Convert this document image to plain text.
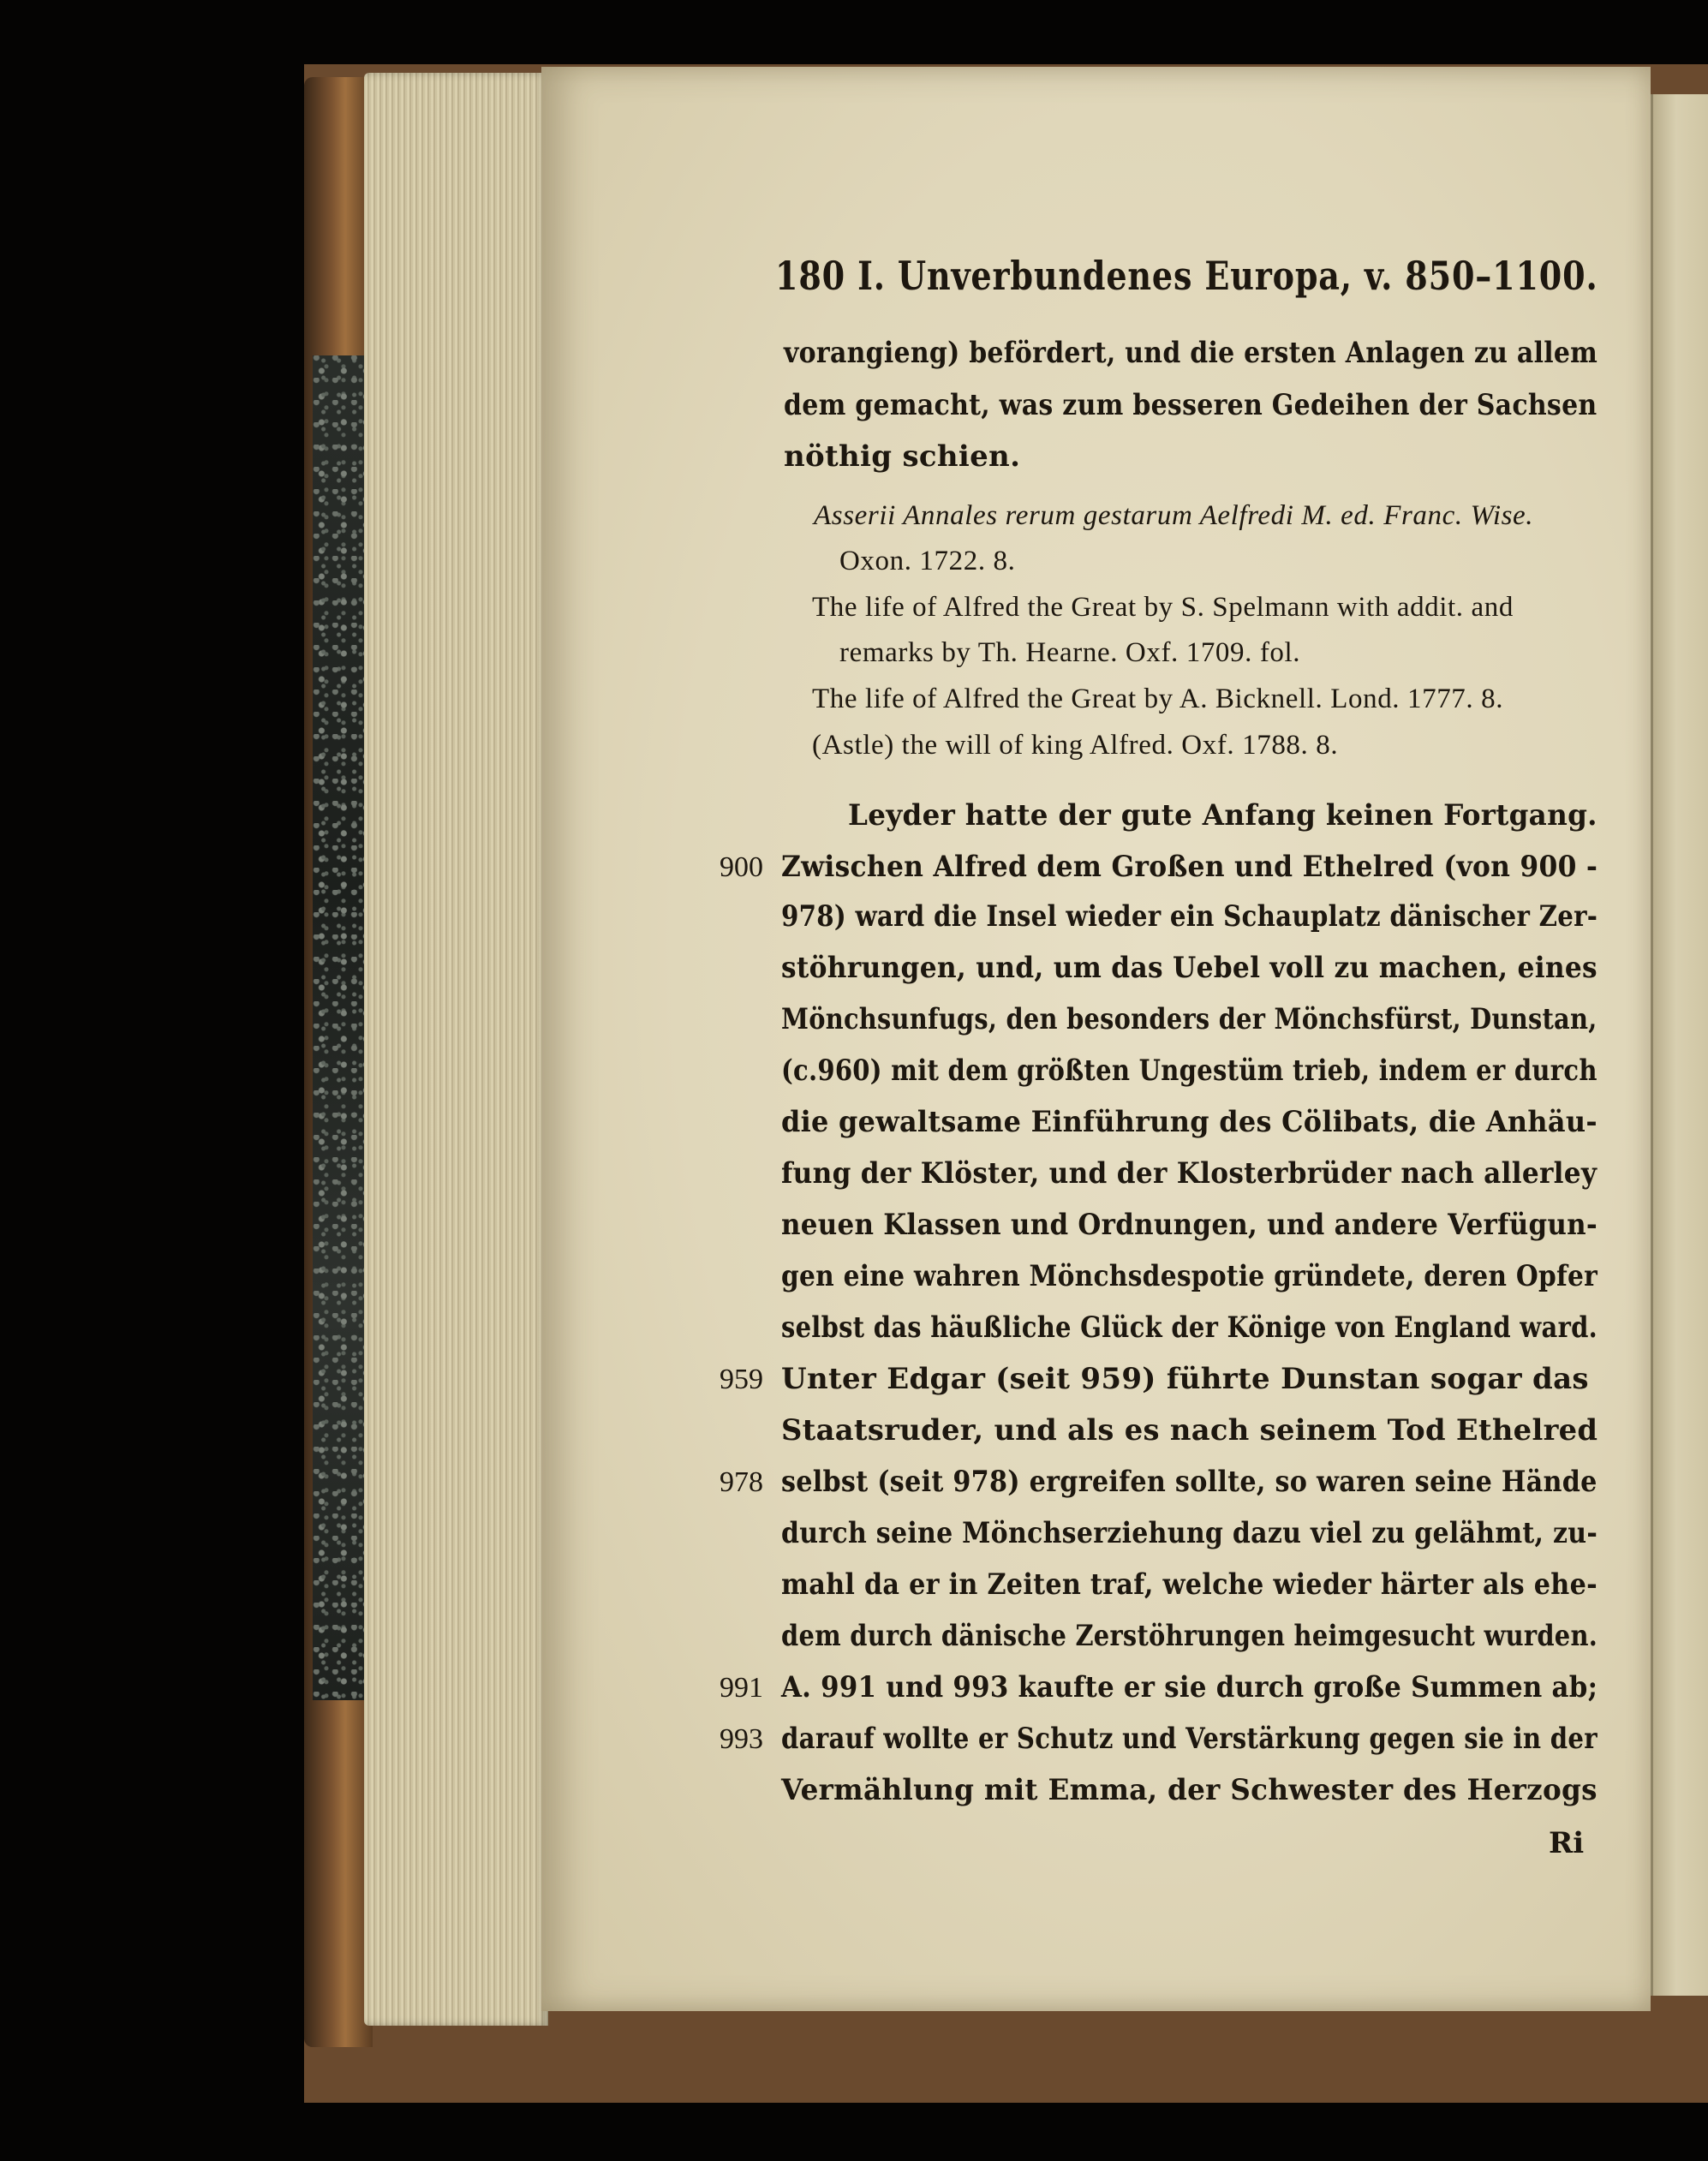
180 I. Unverbundenes Europa, v. 850–1100.
vorangieng) befördert, und die ersten Anlagen zu allem
dem gemacht, was zum besseren Gedeihen der Sachsen
nöthig schien.
Asserii Annales rerum gestarum Aelfredi M. ed. Franc. Wise.
Oxon. 1722. 8.
The life of Alfred the Great by S. Spelmann with addit. and
remarks by Th. Hearne. Oxf. 1709. fol.
The life of Alfred the Great by A. Bicknell. Lond. 1777. 8.
(Astle) the will of king Alfred. Oxf. 1788. 8.
Leyder hatte der gute Anfang keinen Fortgang.
Zwischen Alfred dem Großen und Ethelred (von 900 -
978) ward die Insel wieder ein Schauplatz dänischer Zer-
stöhrungen, und, um das Uebel voll zu machen, eines
Mönchsunfugs, den besonders der Mönchsfürst, Dunstan,
(c.960) mit dem größten Ungestüm trieb, indem er durch
die gewaltsame Einführung des Cölibats, die Anhäu-
fung der Klöster, und der Klosterbrüder nach allerley
neuen Klassen und Ordnungen, und andere Verfügun-
gen eine wahren Mönchsdespotie gründete, deren Opfer
selbst das häußliche Glück der Könige von England ward.
Unter Edgar (seit 959) führte Dunstan sogar das
Staatsruder, und als es nach seinem Tod Ethelred
selbst (seit 978) ergreifen sollte, so waren seine Hände
durch seine Mönchserziehung dazu viel zu gelähmt, zu-
mahl da er in Zeiten traf, welche wieder härter als ehe-
dem durch dänische Zerstöhrungen heimgesucht wurden.
A. 991 und 993 kaufte er sie durch große Summen ab;
darauf wollte er Schutz und Verstärkung gegen sie in der
Vermählung mit Emma, der Schwester des Herzogs
900
959
978
991
993
Ri
